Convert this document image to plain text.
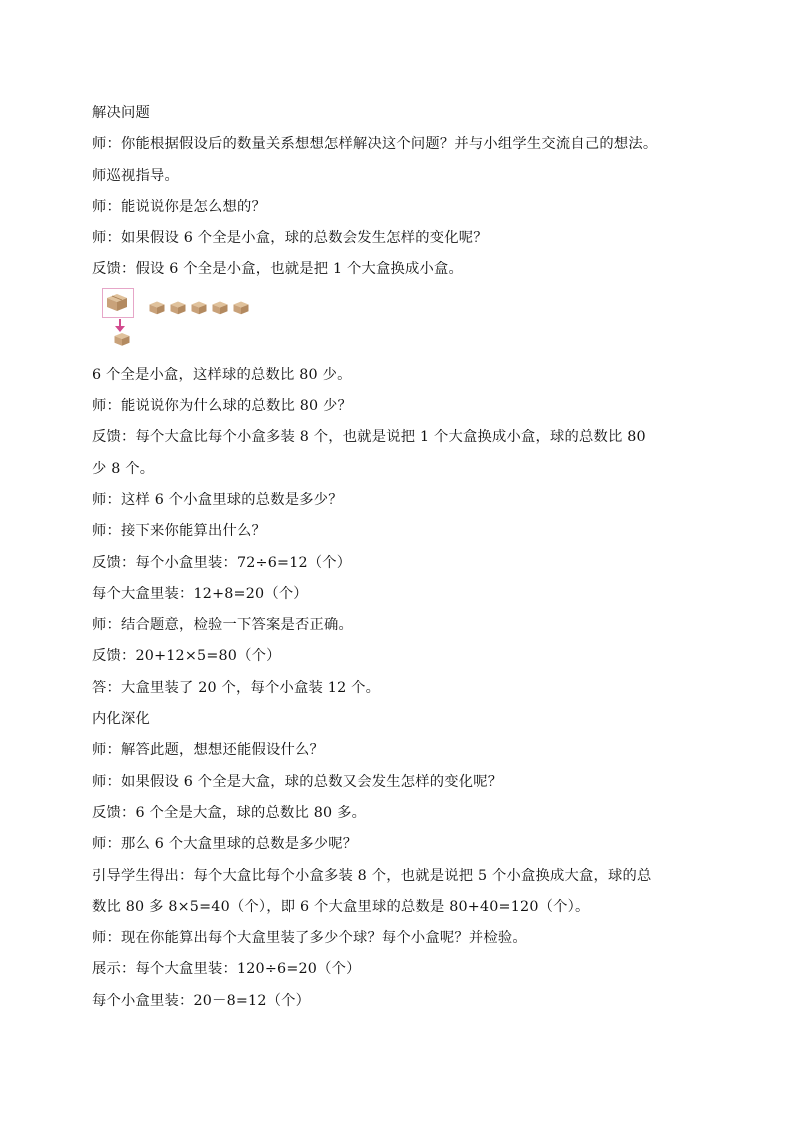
解决问题
师：你能根据假设后的数量关系想想怎样解决这个问题？并与小组学生交流自己的想法。
师巡视指导。
师：能说说你是怎么想的？
师：如果假设 6 个全是小盒，球的总数会发生怎样的变化呢？
反馈：假设 6 个全是小盒，也就是把 1 个大盒换成小盒。
6 个全是小盒，这样球的总数比 80 少。
师：能说说你为什么球的总数比 80 少？
反馈：每个大盒比每个小盒多装 8 个，也就是说把 1 个大盒换成小盒，球的总数比 80
少 8 个。
师：这样 6 个小盒里球的总数是多少？
师：接下来你能算出什么？
反馈：每个小盒里装：72÷6=12（个）
每个大盒里装：12+8=20（个）
师：结合题意，检验一下答案是否正确。
反馈：20+12×5=80（个）
答：大盒里装了 20 个，每个小盒装 12 个。
内化深化
师：解答此题，想想还能假设什么？
师：如果假设 6 个全是大盒，球的总数又会发生怎样的变化呢？
反馈：6 个全是大盒，球的总数比 80 多。
师：那么 6 个大盒里球的总数是多少呢？
引导学生得出：每个大盒比每个小盒多装 8 个，也就是说把 5 个小盒换成大盒，球的总
数比 80 多 8×5=40（个），即 6 个大盒里球的总数是 80+40=120（个）。
师：现在你能算出每个大盒里装了多少个球？每个小盒呢？并检验。
展示：每个大盒里装：120÷6=20（个）
每个小盒里装：20－8=12（个）
